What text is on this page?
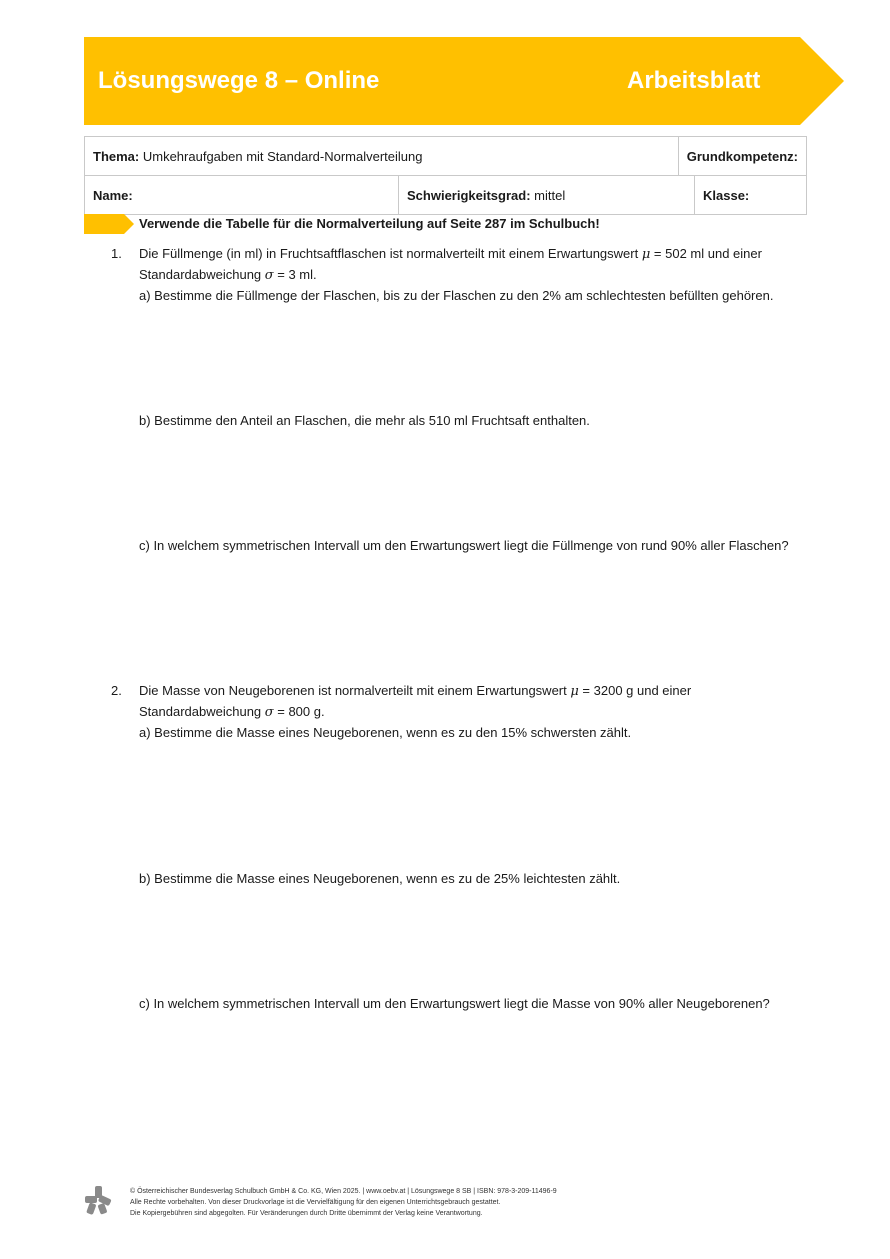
Lösungswege 8 – Online	Arbeitsblatt
Thema: Umkehraufgaben mit Standard-Normalverteilung		Grundkompetenz:	
Name:	Schwierigkeitsgrad: mittel		Klasse:
Verwende die Tabelle für die Normalverteilung auf Seite 287 im Schulbuch!
1. Die Füllmenge (in ml) in Fruchtsaftflaschen ist normalverteilt mit einem Erwartungswert μ = 502 ml und einer
Standardabweichung σ = 3 ml.
a) Bestimme die Füllmenge der Flaschen, bis zu der Flaschen zu den 2% am schlechtesten befüllten gehören.
b) Bestimme den Anteil an Flaschen, die mehr als 510 ml Fruchtsaft enthalten.
c) In welchem symmetrischen Intervall um den Erwartungswert liegt die Füllmenge von rund 90% aller Flaschen?
2. Die Masse von Neugeborenen ist normalverteilt mit einem Erwartungswert μ = 3200 g und einer
Standardabweichung σ = 800 g.
a) Bestimme die Masse eines Neugeborenen, wenn es zu den 15% schwersten zählt.
b) Bestimme die Masse eines Neugeborenen, wenn es zu de 25% leichtesten zählt.
c) In welchem symmetrischen Intervall um den Erwartungswert liegt die Masse von 90% aller Neugeborenen?
© Österreichischer Bundesverlag Schulbuch GmbH & Co. KG, Wien 2025. | www.oebv.at | Lösungswege 8 SB | ISBN: 978-3-209-11496-9
Alle Rechte vorbehalten. Von dieser Druckvorlage ist die Vervielfältigung für den eigenen Unterrichtsgebrauch gestattet.
Die Kopiergebühren sind abgegolten. Für Veränderungen durch Dritte übernimmt der Verlag keine Verantwortung.
